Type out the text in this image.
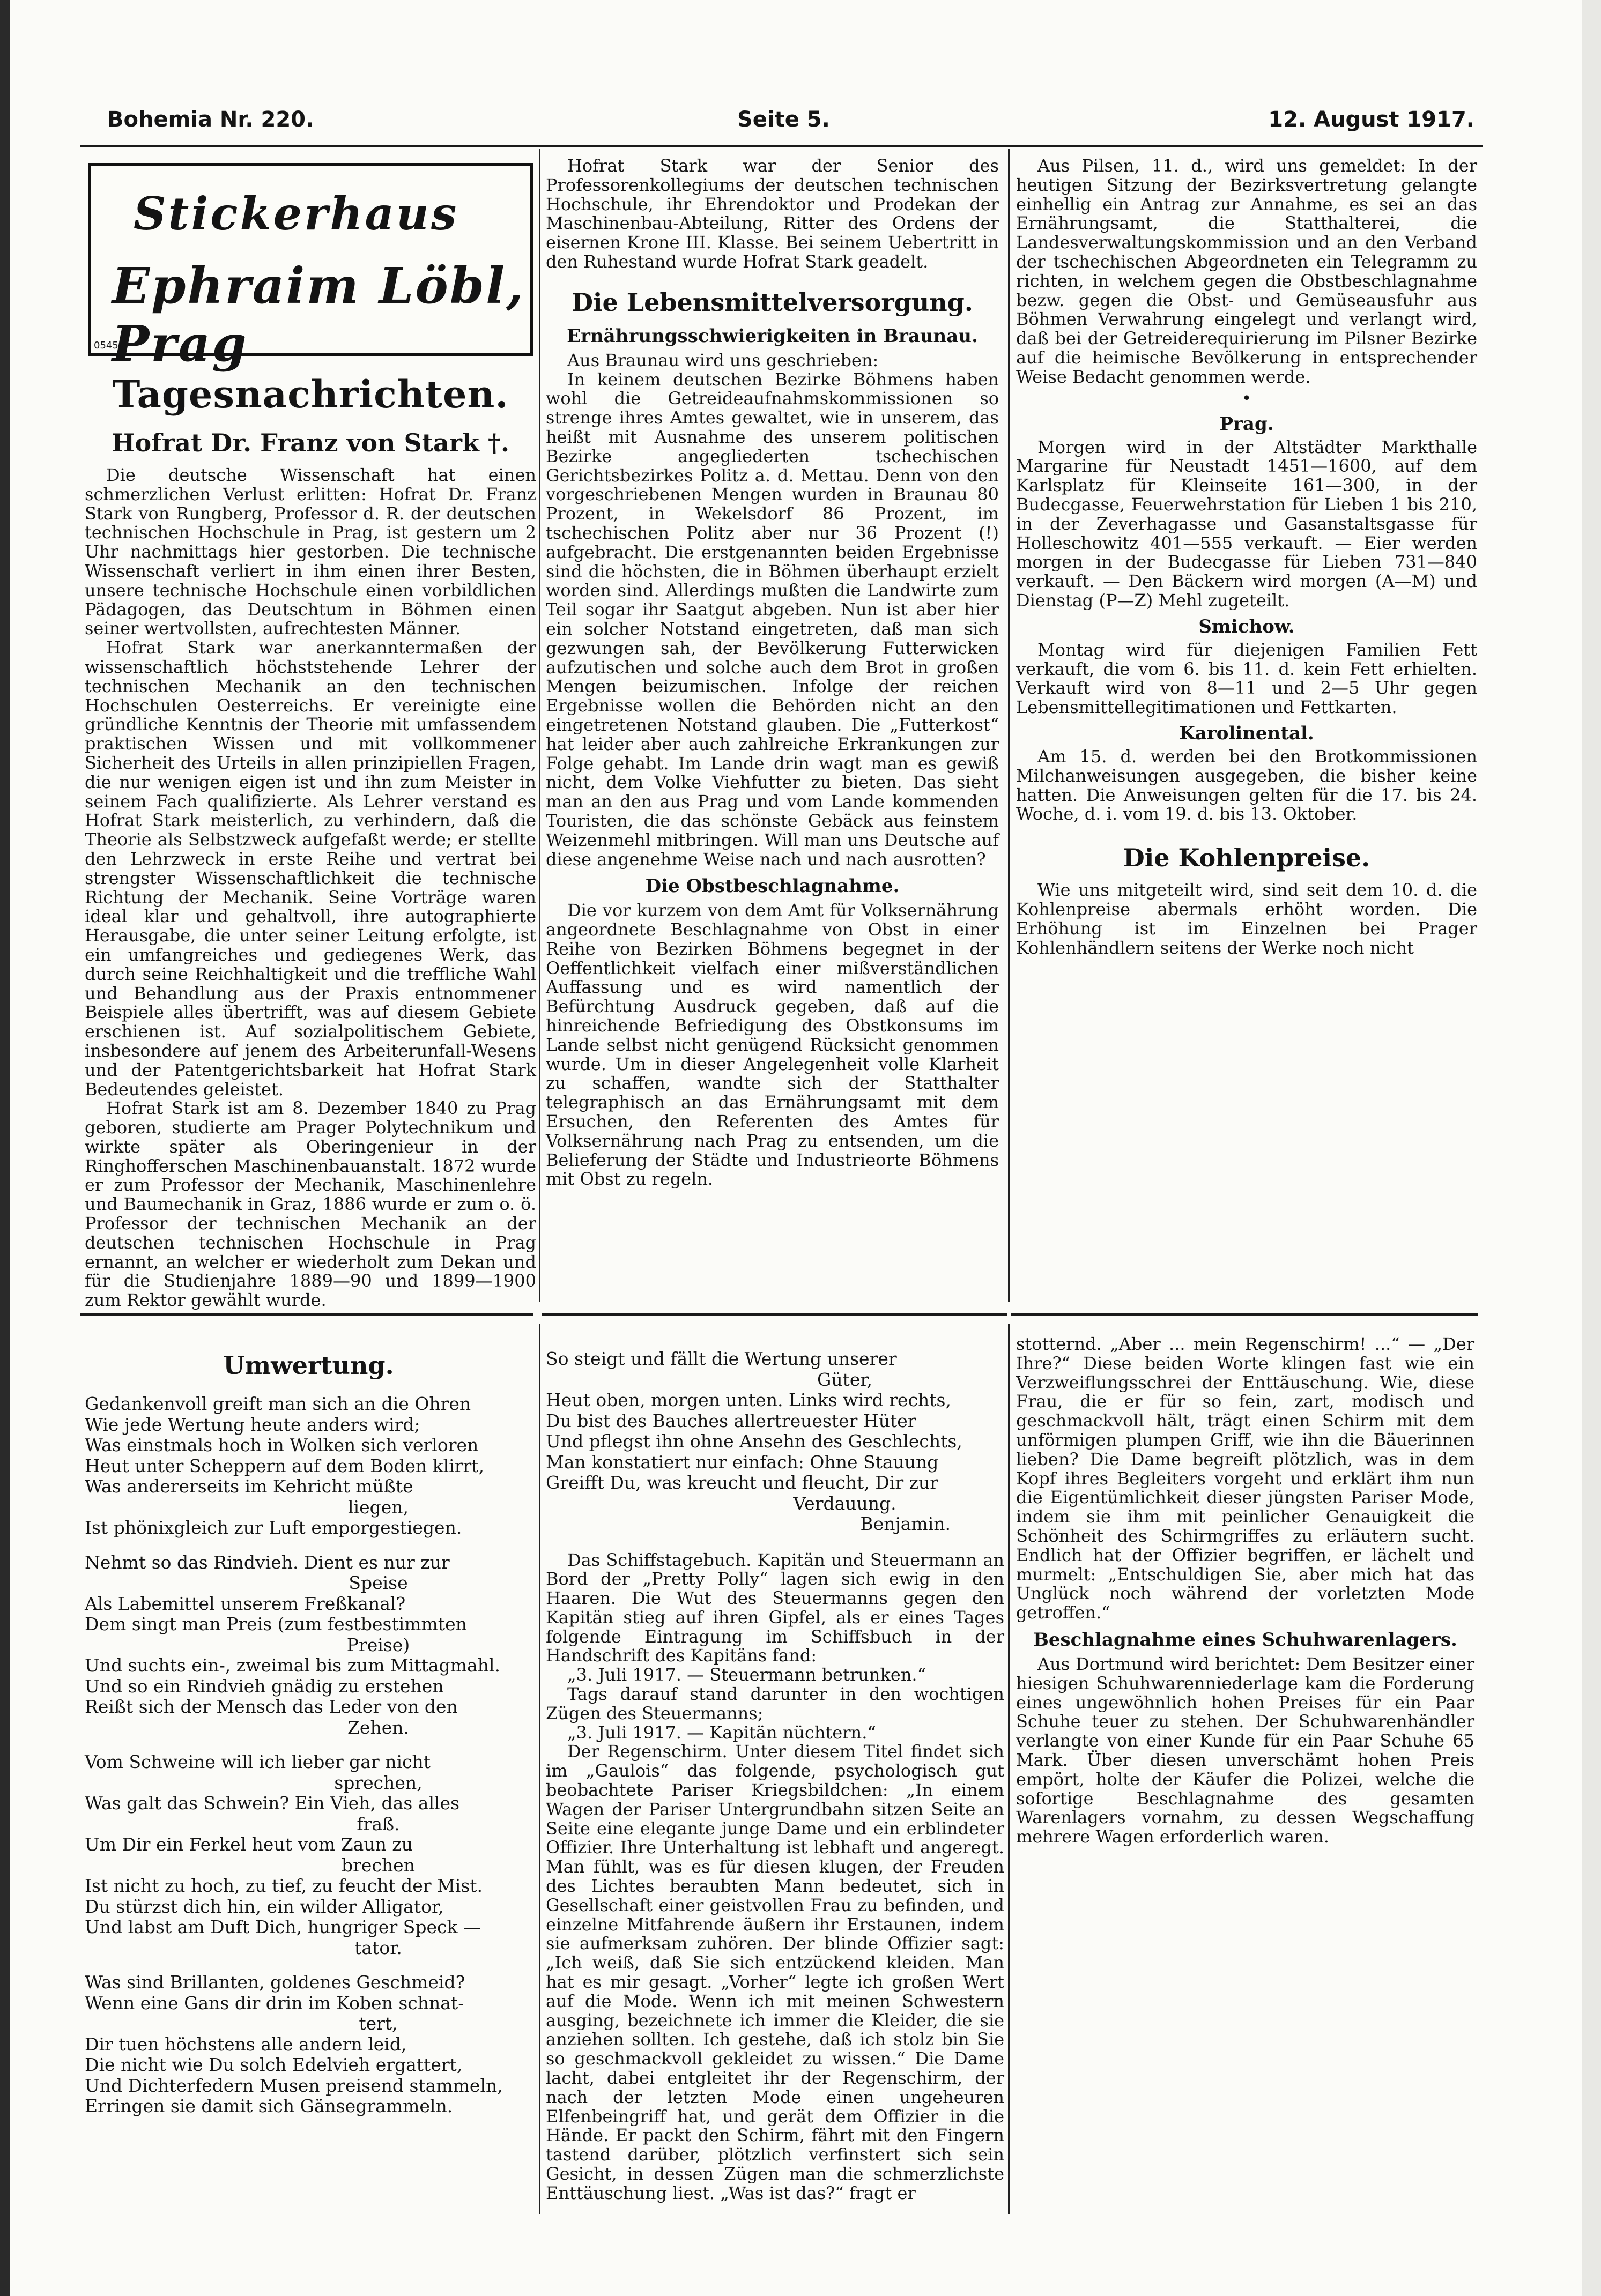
Bohemia Nr. 220.	Seite 5.	12. August 1917.
Stickerhaus
Ephraim Löbl, Prag
0545
Tagesnachrichten.
Hofrat Dr. Franz von Stark †.

Die deutsche Wissenschaft hat einen schmerzlichen Verlust erlitten: Hofrat Dr. Franz Stark von Rungberg, Professor d. R. der deutschen technischen Hochschule in Prag, ist gestern um 2 Uhr nachmittags hier gestorben. Die technische Wissenschaft verliert in ihm einen ihrer Besten, unsere technische Hochschule einen vorbildlichen Pädagogen, das Deutschtum in Böhmen einen seiner wertvollsten, aufrechtesten Männer.

Hofrat Stark war anerkanntermaßen der wissenschaftlich höchststehende Lehrer der technischen Mechanik an den technischen Hochschulen Oesterreichs. Er vereinigte eine gründliche Kenntnis der Theorie mit umfassendem praktischen Wissen und mit vollkommener Sicherheit des Urteils in allen prinzipiellen Fragen, die nur wenigen eigen ist und ihn zum Meister in seinem Fach qualifizierte. Als Lehrer verstand es Hofrat Stark meisterlich, zu verhindern, daß die Theorie als Selbstzweck aufgefaßt werde; er stellte den Lehrzweck in erste Reihe und vertrat bei strengster Wissenschaftlichkeit die technische Richtung der Mechanik. Seine Vorträge waren ideal klar und gehaltvoll, ihre autographierte Herausgabe, die unter seiner Leitung erfolgte, ist ein umfangreiches und gediegenes Werk, das durch seine Reichhaltigkeit und die treffliche Wahl und Behandlung aus der Praxis entnommener Beispiele alles übertrifft, was auf diesem Gebiete erschienen ist. Auf sozialpolitischem Gebiete, insbesondere auf jenem des Arbeiterunfall-Wesens und der Patentgerichtsbarkeit hat Hofrat Stark Bedeutendes geleistet.

Hofrat Stark ist am 8. Dezember 1840 zu Prag geboren, studierte am Prager Polytechnikum und wirkte später als Oberingenieur in der Ringhofferschen Maschinenbauanstalt. 1872 wurde er zum Professor der Mechanik, Maschinenlehre und Baumechanik in Graz, 1886 wurde er zum o. ö. Professor der technischen Mechanik an der deutschen technischen Hochschule in Prag ernannt, an welcher er wiederholt zum Dekan und für die Studienjahre 1889—90 und 1899—1900 zum Rektor gewählt wurde.

Hofrat Stark war der Senior des Professorenkollegiums der deutschen technischen Hochschule, ihr Ehrendoktor und Prodekan der Maschinenbau-Abteilung, Ritter des Ordens der eisernen Krone III. Klasse. Bei seinem Uebertritt in den Ruhestand wurde Hofrat Stark geadelt.

Die Lebensmittelversorgung.
Ernährungsschwierigkeiten in Braunau.

Aus Braunau wird uns geschrieben:

In keinem deutschen Bezirke Böhmens haben wohl die Getreideaufnahmskommissionen so strenge ihres Amtes gewaltet, wie in unserem, das heißt mit Ausnahme des unserem politischen Bezirke angegliederten tschechischen Gerichtsbezirkes Politz a. d. Mettau. Denn von den vorgeschriebenen Mengen wurden in Braunau 80 Prozent, in Wekelsdorf 86 Prozent, im tschechischen Politz aber nur 36 Prozent (!) aufgebracht. Die erstgenannten beiden Ergebnisse sind die höchsten, die in Böhmen überhaupt erzielt worden sind. Allerdings mußten die Landwirte zum Teil sogar ihr Saatgut abgeben. Nun ist aber hier ein solcher Notstand eingetreten, daß man sich gezwungen sah, der Bevölkerung Futterwicken aufzutischen und solche auch dem Brot in großen Mengen beizumischen. Infolge der reichen Ergebnisse wollen die Behörden nicht an den eingetretenen Notstand glauben. Die „Futterkost“ hat leider aber auch zahlreiche Erkrankungen zur Folge gehabt. Im Lande drin wagt man es gewiß nicht, dem Volke Viehfutter zu bieten. Das sieht man an den aus Prag und vom Lande kommenden Touristen, die das schönste Gebäck aus feinstem Weizenmehl mitbringen. Will man uns Deutsche auf diese angenehme Weise nach und nach ausrotten?

Die Obstbeschlagnahme.

Die vor kurzem von dem Amt für Volksernährung angeordnete Beschlagnahme von Obst in einer Reihe von Bezirken Böhmens begegnet in der Oeffentlichkeit vielfach einer mißverständlichen Auffassung und es wird namentlich der Befürchtung Ausdruck gegeben, daß auf die hinreichende Befriedigung des Obstkonsums im Lande selbst nicht genügend Rücksicht genommen wurde. Um in dieser Angelegenheit volle Klarheit zu schaffen, wandte sich der Statthalter telegraphisch an das Ernährungsamt mit dem Ersuchen, den Referenten des Amtes für Volksernährung nach Prag zu entsenden, um die Belieferung der Städte und Industrieorte Böhmens mit Obst zu regeln.

Aus Pilsen, 11. d., wird uns gemeldet: In der heutigen Sitzung der Bezirksvertretung gelangte einhellig ein Antrag zur Annahme, es sei an das Ernährungsamt, die Statthalterei, die Landesverwaltungskommission und an den Verband der tschechischen Abgeordneten ein Telegramm zu richten, in welchem gegen die Obstbeschlagnahme bezw. gegen die Obst- und Gemüseausfuhr aus Böhmen Verwahrung eingelegt und verlangt wird, daß bei der Getreiderequirierung im Pilsner Bezirke auf die heimische Bevölkerung in entsprechender Weise Bedacht genommen werde.

•
Prag.

Morgen wird in der Altstädter Markthalle Margarine für Neustadt 1451—1600, auf dem Karlsplatz für Kleinseite 161—300, in der Budecgasse, Feuerwehrstation für Lieben 1 bis 210, in der Zeverhagasse und Gasanstaltsgasse für Holleschowitz 401—555 verkauft. — Eier werden morgen in der Budecgasse für Lieben 731—840 verkauft. — Den Bäckern wird morgen (A—M) und Dienstag (P—Z) Mehl zugeteilt.

Smichow.

Montag wird für diejenigen Familien Fett verkauft, die vom 6. bis 11. d. kein Fett erhielten. Verkauft wird von 8—11 und 2—5 Uhr gegen Lebensmittellegitimationen und Fettkarten.

Karolinental.

Am 15. d. werden bei den Brotkommissionen Milchanweisungen ausgegeben, die bisher keine hatten. Die Anweisungen gelten für die 17. bis 24. Woche, d. i. vom 19. d. bis 13. Oktober.

Die Kohlenpreise.

Wie uns mitgeteilt wird, sind seit dem 10. d. die Kohlenpreise abermals erhöht worden. Die Erhöhung ist im Einzelnen bei Prager Kohlenhändlern seitens der Werke noch nicht

Umwertung.
Gedankenvoll greift man sich an die Ohren
Wie jede Wertung heute anders wird;
Was einstmals hoch in Wolken sich verloren
Heut unter Scheppern auf dem Boden klirrt,
Was andererseits im Kehricht müßte
liegen,
Ist phönixgleich zur Luft emporgestiegen.
Nehmt so das Rindvieh. Dient es nur zur
Speise
Als Labemittel unserem Freßkanal?
Dem singt man Preis (zum festbestimmten
Preise)
Und suchts ein-, zweimal bis zum Mittagmahl.
Und so ein Rindvieh gnädig zu erstehen
Reißt sich der Mensch das Leder von den
Zehen.
Vom Schweine will ich lieber gar nicht
sprechen,
Was galt das Schwein? Ein Vieh, das alles
fraß.
Um Dir ein Ferkel heut vom Zaun zu
brechen
Ist nicht zu hoch, zu tief, zu feucht der Mist.
Du stürzst dich hin, ein wilder Alligator,
Und labst am Duft Dich, hungriger Speck —
tator.
Was sind Brillanten, goldenes Geschmeid?
Wenn eine Gans dir drin im Koben schnat-
tert,
Dir tuen höchstens alle andern leid,
Die nicht wie Du solch Edelvieh ergattert,
Und Dichterfedern Musen preisend stammeln,
Erringen sie damit sich Gänsegrammeln.
So steigt und fällt die Wertung unserer
Güter,
Heut oben, morgen unten. Links wird rechts,
Du bist des Bauches allertreuester Hüter
Und pflegst ihn ohne Ansehn des Geschlechts,
Man konstatiert nur einfach: Ohne Stauung
Greifft Du, was kreucht und fleucht, Dir zur
Verdauung.
Benjamin.

Das Schiffstagebuch. Kapitän und Steuermann an Bord der „Pretty Polly“ lagen sich ewig in den Haaren. Die Wut des Steuermanns gegen den Kapitän stieg auf ihren Gipfel, als er eines Tages folgende Eintragung im Schiffsbuch in der Handschrift des Kapitäns fand:

„3. Juli 1917. — Steuermann betrunken.“

Tags darauf stand darunter in den wochtigen Zügen des Steuermanns;

„3. Juli 1917. — Kapitän nüchtern.“

Der Regenschirm. Unter diesem Titel findet sich im „Gaulois“ das folgende, psychologisch gut beobachtete Pariser Kriegsbildchen: „In einem Wagen der Pariser Untergrundbahn sitzen Seite an Seite eine elegante junge Dame und ein erblindeter Offizier. Ihre Unterhaltung ist lebhaft und angeregt. Man fühlt, was es für diesen klugen, der Freuden des Lichtes beraubten Mann bedeutet, sich in Gesellschaft einer geistvollen Frau zu befinden, und einzelne Mitfahrende äußern ihr Erstaunen, indem sie aufmerksam zuhören. Der blinde Offizier sagt: „Ich weiß, daß Sie sich entzückend kleiden. Man hat es mir gesagt. „Vorher“ legte ich großen Wert auf die Mode. Wenn ich mit meinen Schwestern ausging, bezeichnete ich immer die Kleider, die sie anziehen sollten. Ich gestehe, daß ich stolz bin Sie so geschmackvoll gekleidet zu wissen.“ Die Dame lacht, dabei entgleitet ihr der Regenschirm, der nach der letzten Mode einen ungeheuren Elfenbeingriff hat, und gerät dem Offizier in die Hände. Er packt den Schirm, fährt mit den Fingern tastend darüber, plötzlich verfinstert sich sein Gesicht, in dessen Zügen man die schmerzlichste Enttäuschung liest. „Was ist das?“ fragt er

stotternd. „Aber ... mein Regenschirm! ...“ — „Der Ihre?“ Diese beiden Worte klingen fast wie ein Verzweiflungsschrei der Enttäuschung. Wie, diese Frau, die er für so fein, zart, modisch und geschmackvoll hält, trägt einen Schirm mit dem unförmigen plumpen Griff, wie ihn die Bäuerinnen lieben? Die Dame begreift plötzlich, was in dem Kopf ihres Begleiters vorgeht und erklärt ihm nun die Eigentümlichkeit dieser jüngsten Pariser Mode, indem sie ihm mit peinlicher Genauigkeit die Schönheit des Schirmgriffes zu erläutern sucht. Endlich hat der Offizier begriffen, er lächelt und murmelt: „Entschuldigen Sie, aber mich hat das Unglück noch während der vorletzten Mode getroffen.“

Beschlagnahme eines Schuhwarenlagers.

Aus Dortmund wird berichtet: Dem Besitzer einer hiesigen Schuhwarenniederlage kam die Forderung eines ungewöhnlich hohen Preises für ein Paar Schuhe teuer zu stehen. Der Schuhwarenhändler verlangte von einer Kunde für ein Paar Schuhe 65 Mark. Über diesen unverschämt hohen Preis empört, holte der Käufer die Polizei, welche die sofortige Beschlagnahme des gesamten Warenlagers vornahm, zu dessen Wegschaffung mehrere Wagen erforderlich waren.
